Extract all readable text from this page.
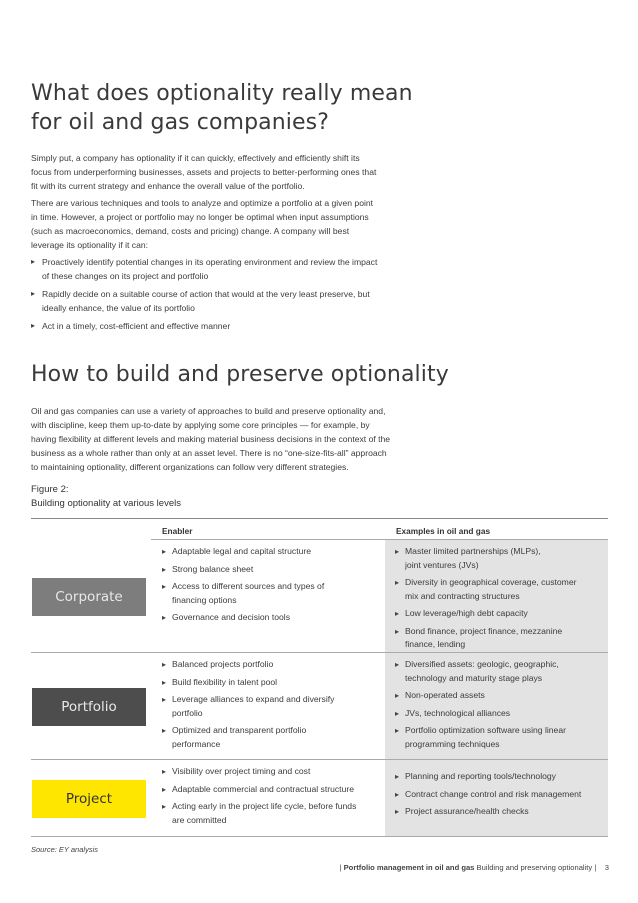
What does optionality really mean
for oil and gas companies?

Simply put, a company has optionality if it can quickly, effectively and efficiently shift its

focus from underperforming businesses, assets and projects to better-performing ones that

fit with its current strategy and enhance the overall value of the portfolio.

There are various techniques and tools to analyze and optimize a portfolio at a given point

in time. However, a project or portfolio may no longer be optimal when input assumptions

(such as macroeconomics, demand, costs and pricing) change. A company will best

leverage its optionality if it can:

▸ Proactively identify potential changes in its operating environment and review the impact
of these changes on its project and portfolio
▸ Rapidly decide on a suitable course of action that would at the very least preserve, but
ideally enhance, the value of its portfolio
▸ Act in a timely, cost-efficient and effective manner
How to build and preserve optionality

Oil and gas companies can use a variety of approaches to build and preserve optionality and,

with discipline, keep them up-to-date by applying some core principles — for example, by

having flexibility at different levels and making material business decisions in the context of the

business as a whole rather than only at an asset level. There is no “one-size-fits-all” approach

to maintaining optionality, different organizations can follow very different strategies.

Figure 2:
Building optionality at various levels
Enabler	Examples in oil and gas
Corporate
Portfolio
Project
▸ Adaptable legal and capital structure
▸ Strong balance sheet
▸ Access to different sources and types of
financing options
▸ Governance and decision tools
▸ Master limited partnerships (MLPs),
joint ventures (JVs)
▸ Diversity in geographical coverage, customer
mix and contracting structures
▸ Low leverage/high debt capacity
▸ Bond finance, project finance, mezzanine
finance, lending
▸ Balanced projects portfolio
▸ Build flexibility in talent pool
▸ Leverage alliances to expand and diversify
portfolio
▸ Optimized and transparent portfolio
performance
▸ Diversified assets: geologic, geographic,
technology and maturity stage plays
▸ Non-operated assets
▸ JVs, technological alliances
▸ Portfolio optimization software using linear
programming techniques
▸ Visibility over project timing and cost
▸ Adaptable commercial and contractual structure
▸ Acting early in the project life cycle, before funds
are committed
▸ Planning and reporting tools/technology
▸ Contract change control and risk management
▸ Project assurance/health checks
Source: EY analysis
| Portfolio management in oil and gas Building and preserving optionality | 3
